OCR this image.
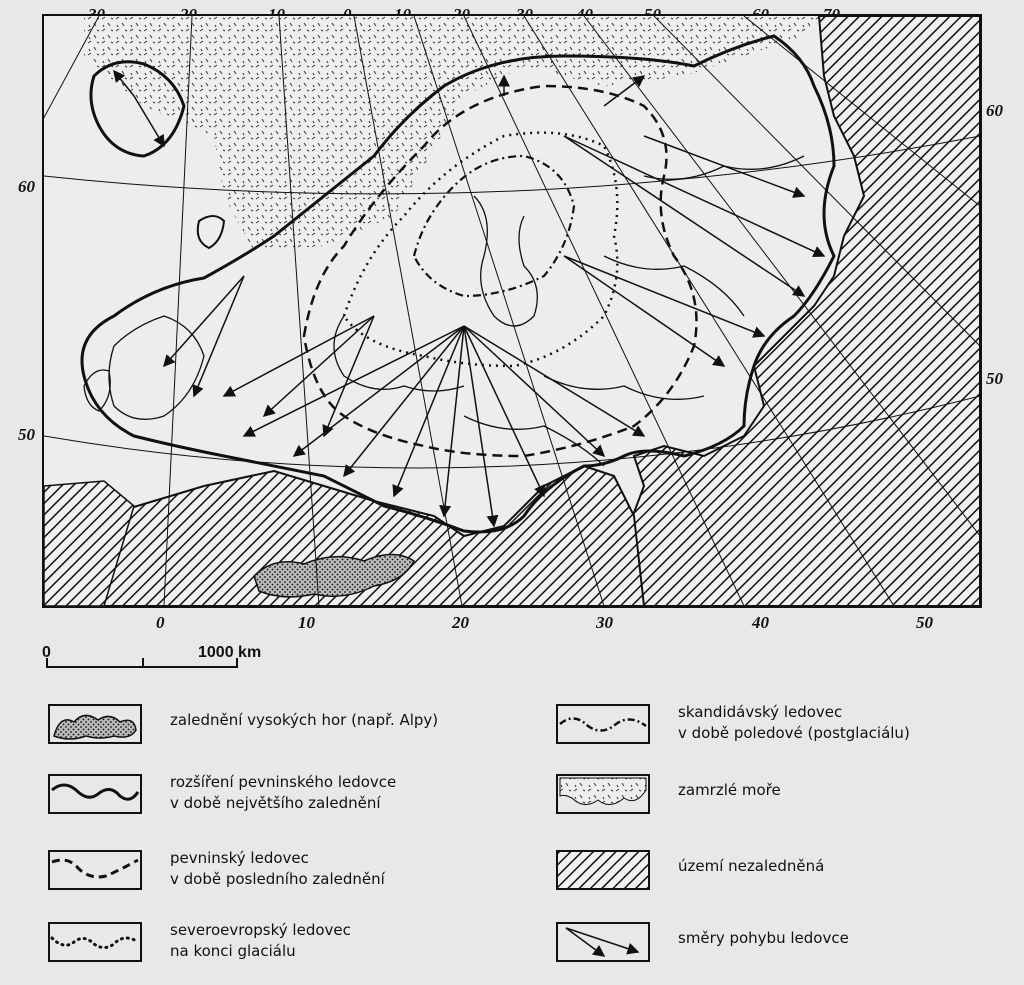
0	10	20	30	40	50
60
50
60
50
0	1000 km
zalednění vysokých hor (např. Alpy)
rozšíření pevninského ledovce
v době největšího zalednění
pevninský ledovec
v době posledního zalednění
severoevropský ledovec
na konci glaciálu
skandidávský ledovec
v době poledové (postglaciálu)
zamrzlé moře
území nezaledněná
směry pohybu ledovce
